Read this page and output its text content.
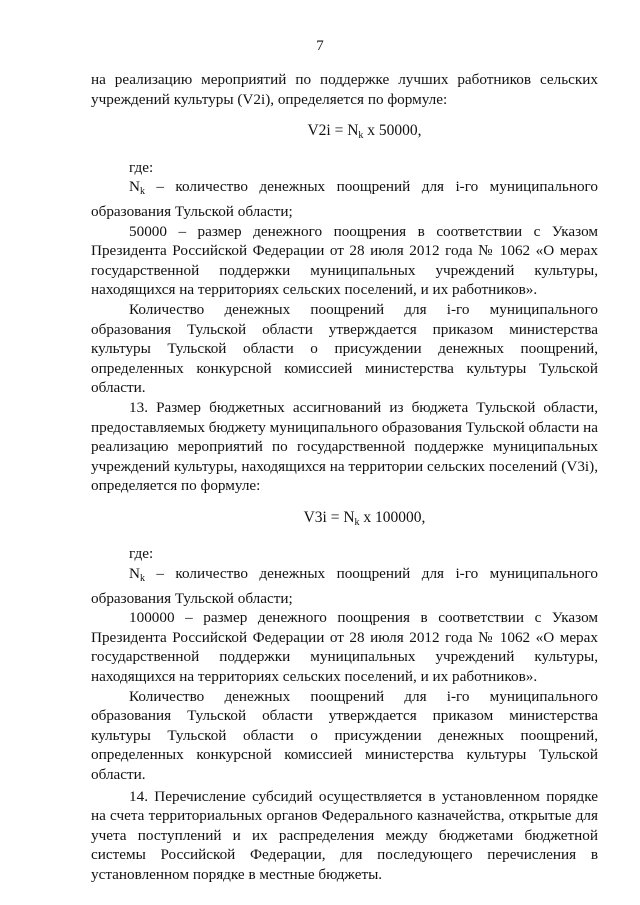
7

на реализацию мероприятий по поддержке лучших работников сельских учреждений культуры (V2i), определяется по формуле:

$V2i = N_k$ x 50000,

где:

$N_k$ – количество денежных поощрений для i-го муниципального образования Тульской области;

50000 – размер денежного поощрения в соответствии с Указом Президента Российской Федерации от 28 июля 2012 года № 1062 «О мерах государственной поддержки муниципальных учреждений культуры, находящихся на территориях сельских поселений, и их работников».

Количество денежных поощрений для i-го муниципального образования Тульской области утверждается приказом министерства культуры Тульской области о присуждении денежных поощрений, определенных конкурсной комиссией министерства культуры Тульской области.

13. Размер бюджетных ассигнований из бюджета Тульской области, предоставляемых бюджету муниципального образования Тульской области на реализацию мероприятий по государственной поддержке муниципальных учреждений культуры, находящихся на территории сельских поселений (V3i), определяется по формуле:

$V3i = N_k$ x 100000,

где:

$N_k$ – количество денежных поощрений для i-го муниципального образования Тульской области;

100000 – размер денежного поощрения в соответствии с Указом Президента Российской Федерации от 28 июля 2012 года № 1062 «О мерах государственной поддержки муниципальных учреждений культуры, находящихся на территориях сельских поселений, и их работников».

Количество денежных поощрений для i-го муниципального образования Тульской области утверждается приказом министерства культуры Тульской области о присуждении денежных поощрений, определенных конкурсной комиссией министерства культуры Тульской области.

14. Перечисление субсидий осуществляется в установленном порядке на счета территориальных органов Федерального казначейства, открытые для учета поступлений и их распределения между бюджетами бюджетной системы Российской Федерации, для последующего перечисления в установленном порядке в местные бюджеты.
